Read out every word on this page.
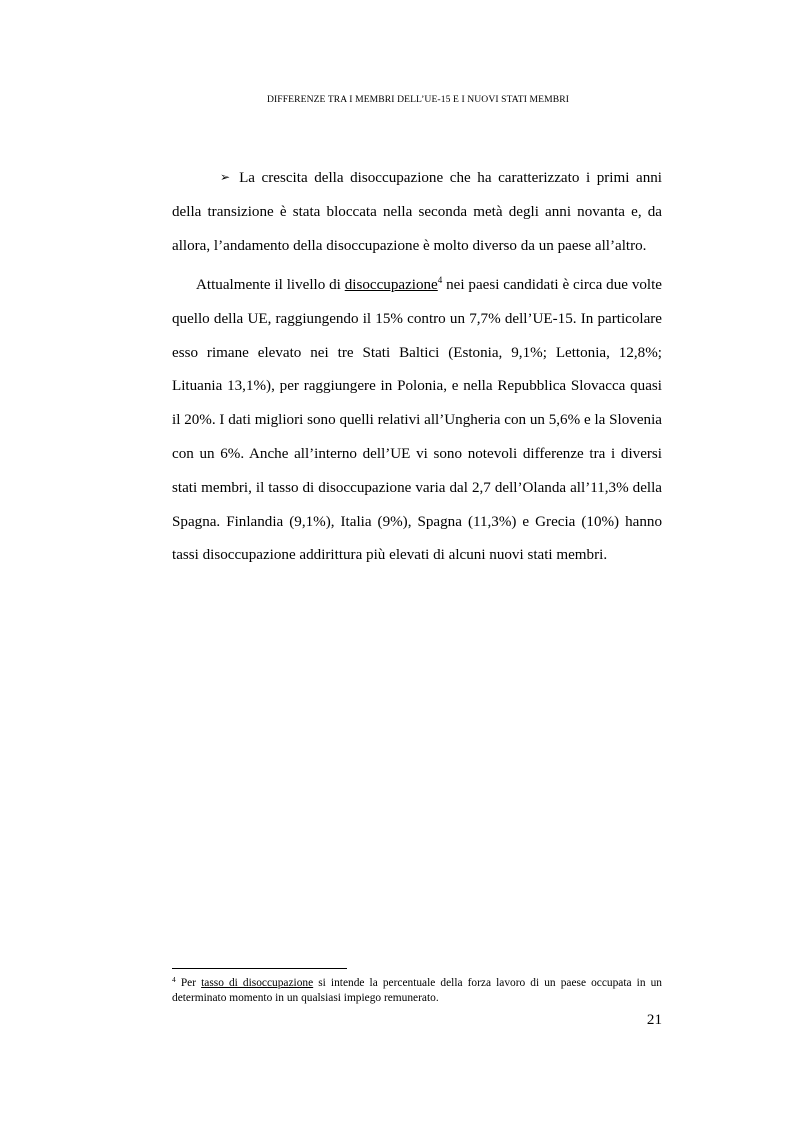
DIFFERENZE TRA I MEMBRI DELL’UE-15 E I NUOVI STATI MEMBRI

➢ La crescita della disoccupazione che ha caratterizzato i primi anni della transizione è stata bloccata nella seconda metà degli anni novanta e, da allora, l’andamento della disoccupazione è molto diverso da un paese all’altro.

Attualmente il livello di disoccupazione$^4$ nei paesi candidati è circa due volte quello della UE, raggiungendo il 15% contro un 7,7% dell’UE-15. In particolare esso rimane elevato nei tre Stati Baltici (Estonia, 9,1%; Lettonia, 12,8%; Lituania 13,1%), per raggiungere in Polonia, e nella Repubblica Slovacca quasi il 20%. I dati migliori sono quelli relativi all’Ungheria con un 5,6% e la Slovenia con un 6%. Anche all’interno dell’UE vi sono notevoli differenze tra i diversi stati membri, il tasso di disoccupazione varia dal 2,7 dell’Olanda all’11,3% della Spagna. Finlandia (9,1%), Italia (9%), Spagna (11,3%) e Grecia (10%) hanno tassi disoccupazione addirittura più elevati di alcuni nuovi stati membri.

$^4$ Per tasso di disoccupazione si intende la percentuale della forza lavoro di un paese occupata in un determinato momento in un qualsiasi impiego remunerato.
21
